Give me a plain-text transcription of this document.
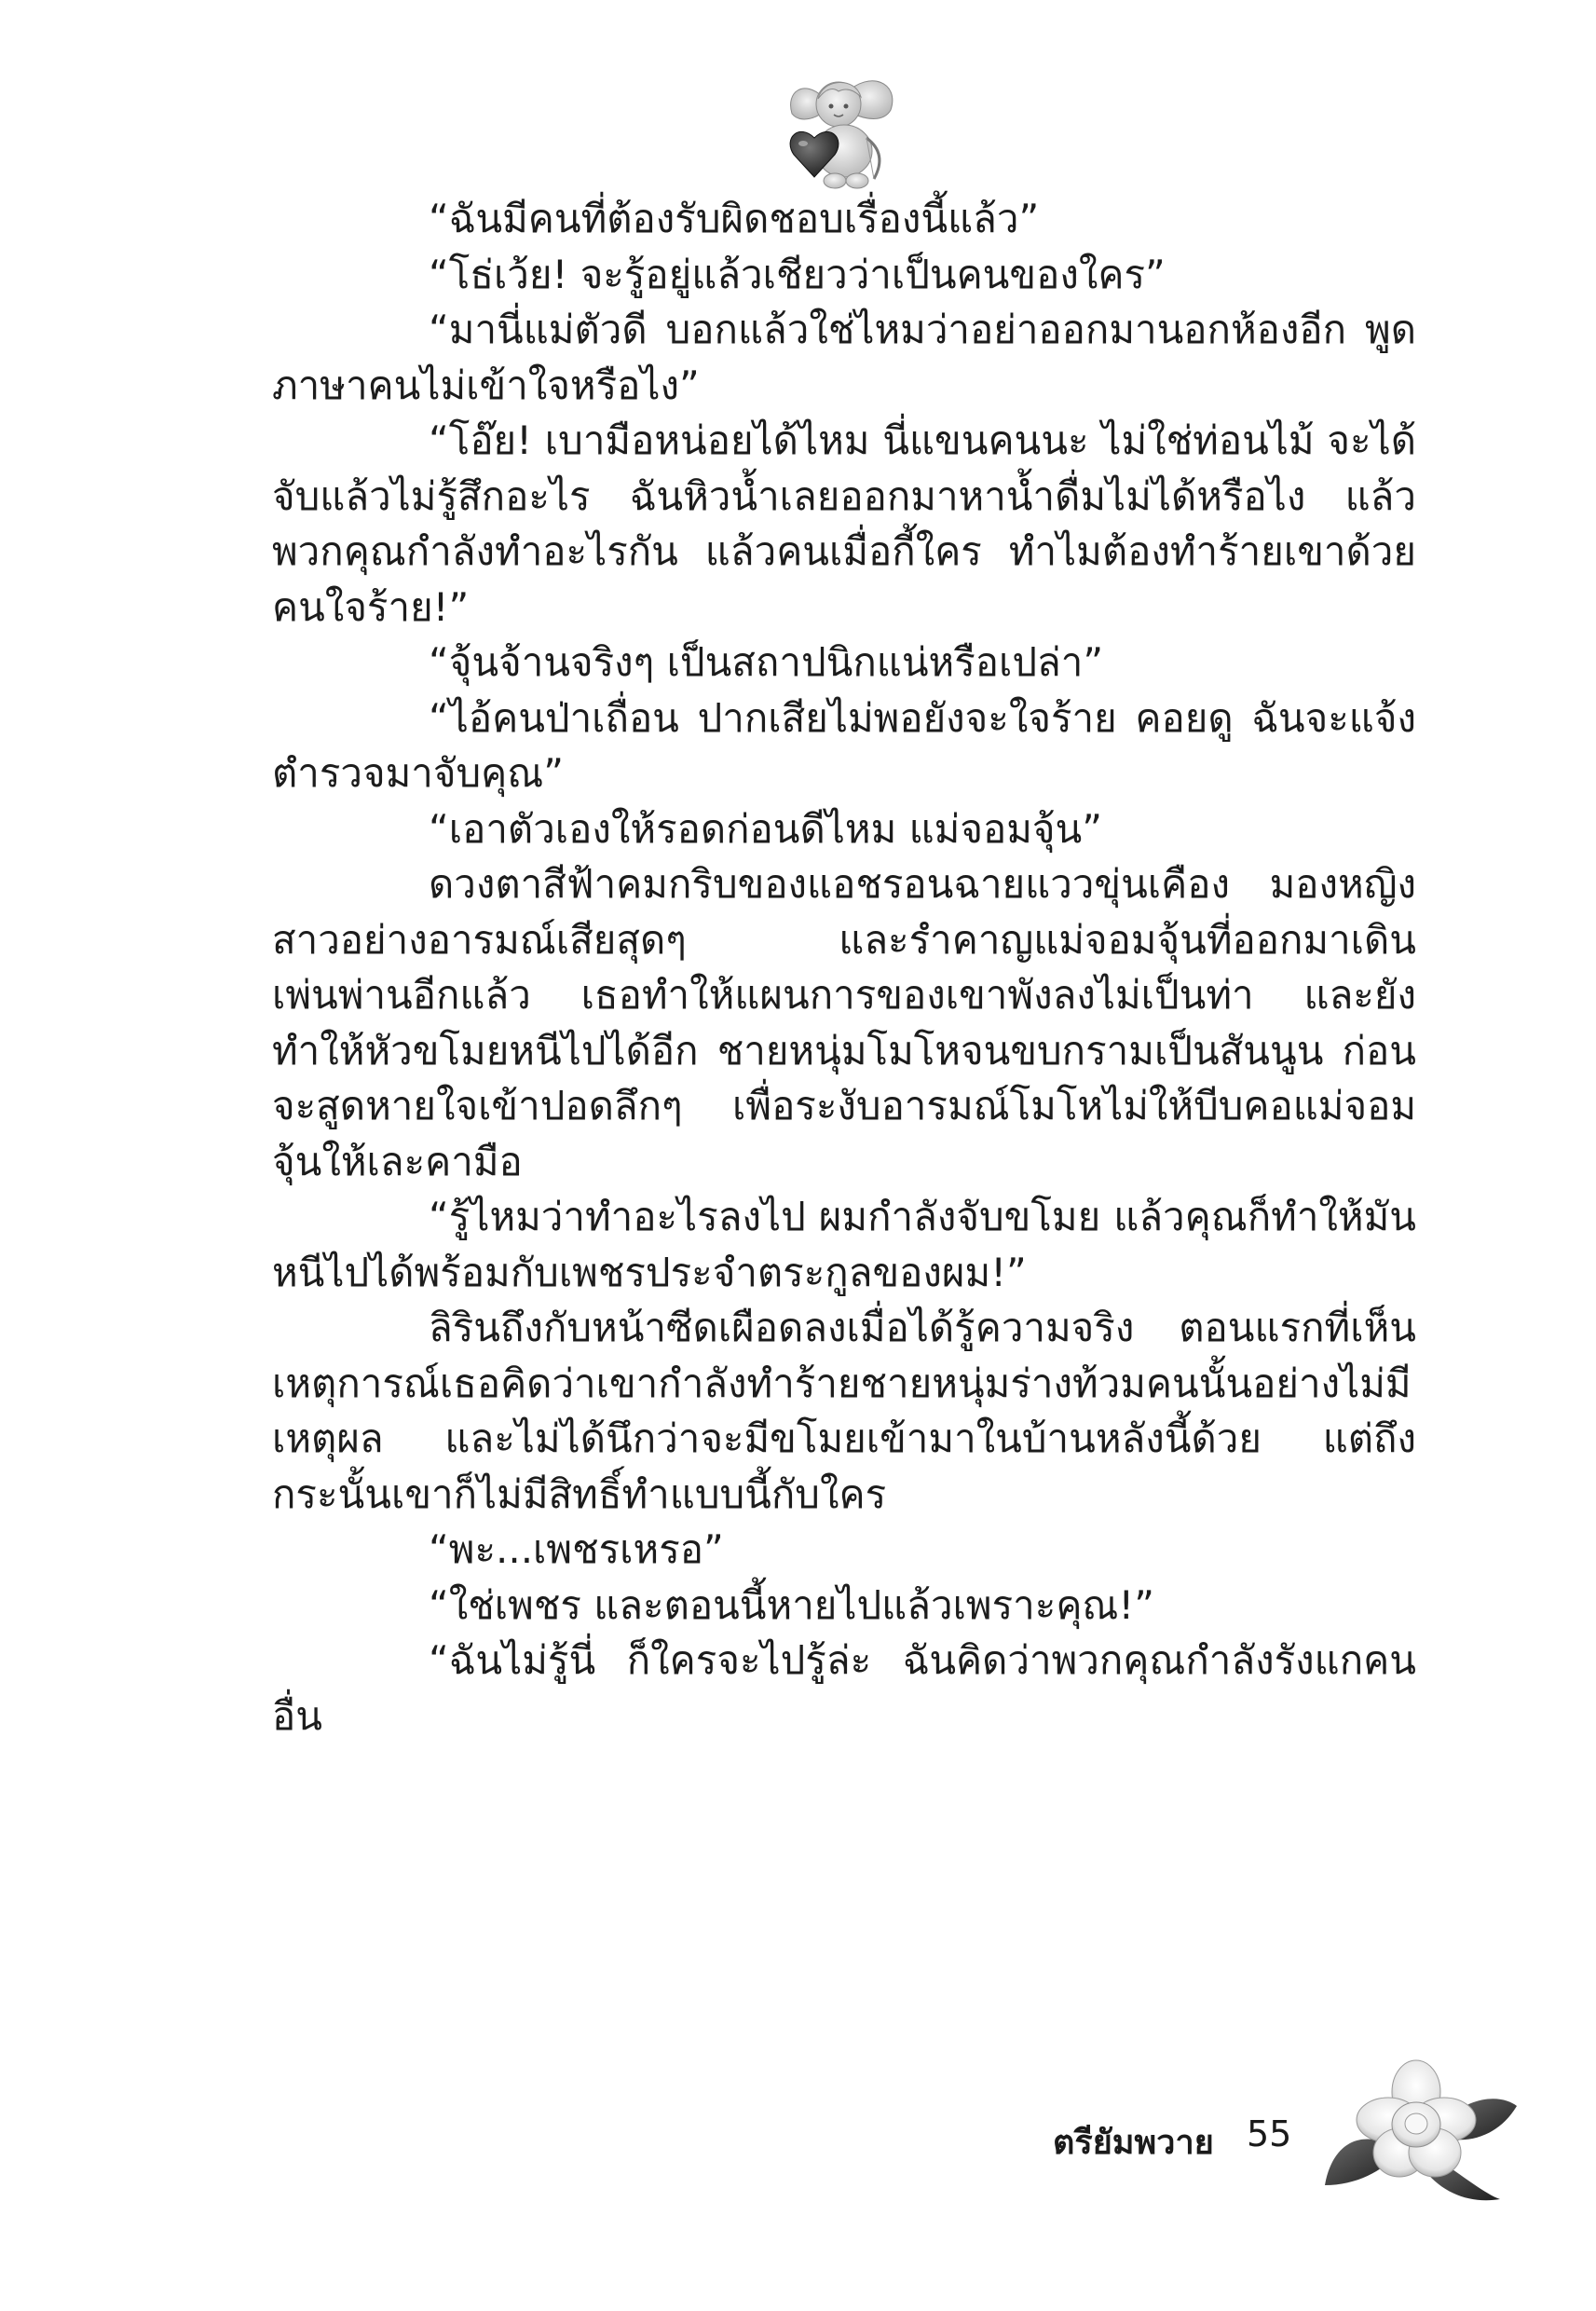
“ฉันมีคนที่ต้องรับผิดชอบเรื่องนี้แล้ว”

“โธ่เว้ย! จะรู้อยู่แล้วเชียวว่าเป็นคนของใคร”

“มานี่แม่ตัวดี บอกแล้วใช่ไหมว่าอย่าออกมานอกห้องอีก พูดภาษาคนไม่เข้าใจหรือไง”

“โอ๊ย! เบามือหน่อยได้ไหม นี่แขนคนนะ ไม่ใช่ท่อนไม้ จะได้จับแล้วไม่รู้สึกอะไร ฉันหิวน้ำเลยออกมาหาน้ำดื่มไม่ได้หรือไง แล้วพวกคุณกำลังทำอะไรกัน แล้วคนเมื่อกี้ใคร ทำไมต้องทำร้ายเขาด้วยคนใจร้าย!”

“จุ้นจ้านจริงๆ เป็นสถาปนิกแน่หรือเปล่า”

“ไอ้คนป่าเถื่อน ปากเสียไม่พอยังจะใจร้าย คอยดู ฉันจะแจ้งตำรวจมาจับคุณ”

“เอาตัวเองให้รอดก่อนดีไหม แม่จอมจุ้น”

ดวงตาสีฟ้าคมกริบของแอชรอนฉายแววขุ่นเคือง มองหญิงสาวอย่างอารมณ์เสียสุดๆ และรำคาญแม่จอมจุ้นที่ออกมาเดินเพ่นพ่านอีกแล้ว เธอทำให้แผนการของเขาพังลงไม่เป็นท่า และยังทำให้หัวขโมยหนีไปได้อีก ชายหนุ่มโมโหจนขบกรามเป็นสันนูน ก่อนจะสูดหายใจเข้าปอดลึกๆ เพื่อระงับอารมณ์โมโหไม่ให้บีบคอแม่จอมจุ้นให้เละคามือ

“รู้ไหมว่าทำอะไรลงไป ผมกำลังจับขโมย แล้วคุณก็ทำให้มันหนีไปได้พร้อมกับเพชรประจำตระกูลของผม!”

ลิรินถึงกับหน้าซีดเผือดลงเมื่อได้รู้ความจริง ตอนแรกที่เห็นเหตุการณ์เธอคิดว่าเขากำลังทำร้ายชายหนุ่มร่างท้วมคนนั้นอย่างไม่มีเหตุผล และไม่ได้นึกว่าจะมีขโมยเข้ามาในบ้านหลังนี้ด้วย แต่ถึงกระนั้นเขาก็ไม่มีสิทธิ์ทำแบบนี้กับใคร

“พะ...เพชรเหรอ”

“ใช่เพชร และตอนนี้หายไปแล้วเพราะคุณ!”

“ฉันไม่รู้นี่ ก็ใครจะไปรู้ล่ะ ฉันคิดว่าพวกคุณกำลังรังแกคนอื่น

ตรียัมพวาย 55
